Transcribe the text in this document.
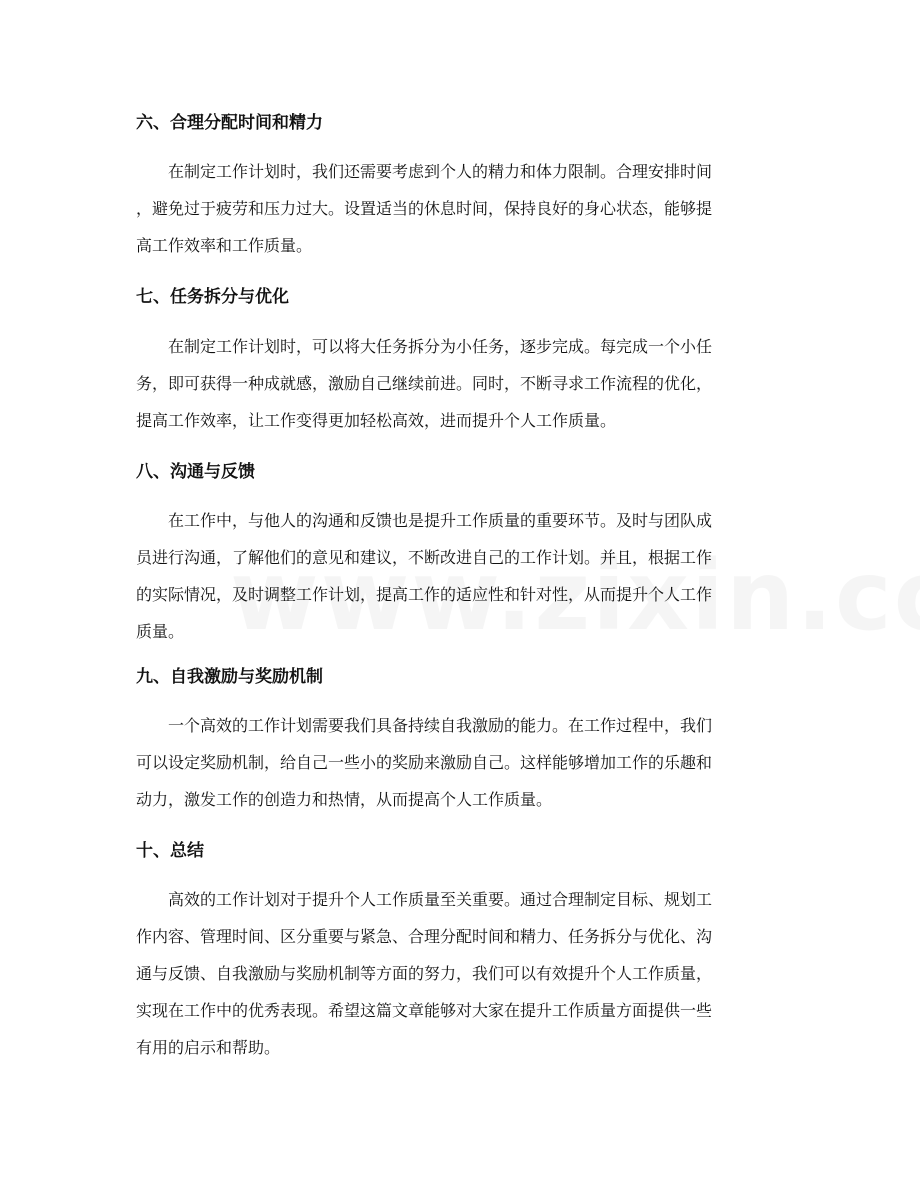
六、合理分配时间和精力
在制定工作计划时，我们还需要考虑到个人的精力和体力限制。合理安排时间
，避免过于疲劳和压力过大。设置适当的休息时间，保持良好的身心状态，能够提
高工作效率和工作质量。
七、任务拆分与优化
在制定工作计划时，可以将大任务拆分为小任务，逐步完成。每完成一个小任
务，即可获得一种成就感，激励自己继续前进。同时，不断寻求工作流程的优化，
提高工作效率，让工作变得更加轻松高效，进而提升个人工作质量。
八、沟通与反馈
在工作中，与他人的沟通和反馈也是提升工作质量的重要环节。及时与团队成
员进行沟通，了解他们的意见和建议，不断改进自己的工作计划。并且，根据工作
的实际情况，及时调整工作计划，提高工作的适应性和针对性，从而提升个人工作
质量。
九、自我激励与奖励机制
一个高效的工作计划需要我们具备持续自我激励的能力。在工作过程中，我们
可以设定奖励机制，给自己一些小的奖励来激励自己。这样能够增加工作的乐趣和
动力，激发工作的创造力和热情，从而提高个人工作质量。
十、总结
高效的工作计划对于提升个人工作质量至关重要。通过合理制定目标、规划工
作内容、管理时间、区分重要与紧急、合理分配时间和精力、任务拆分与优化、沟
通与反馈、自我激励与奖励机制等方面的努力，我们可以有效提升个人工作质量，
实现在工作中的优秀表现。希望这篇文章能够对大家在提升工作质量方面提供一些
有用的启示和帮助。
